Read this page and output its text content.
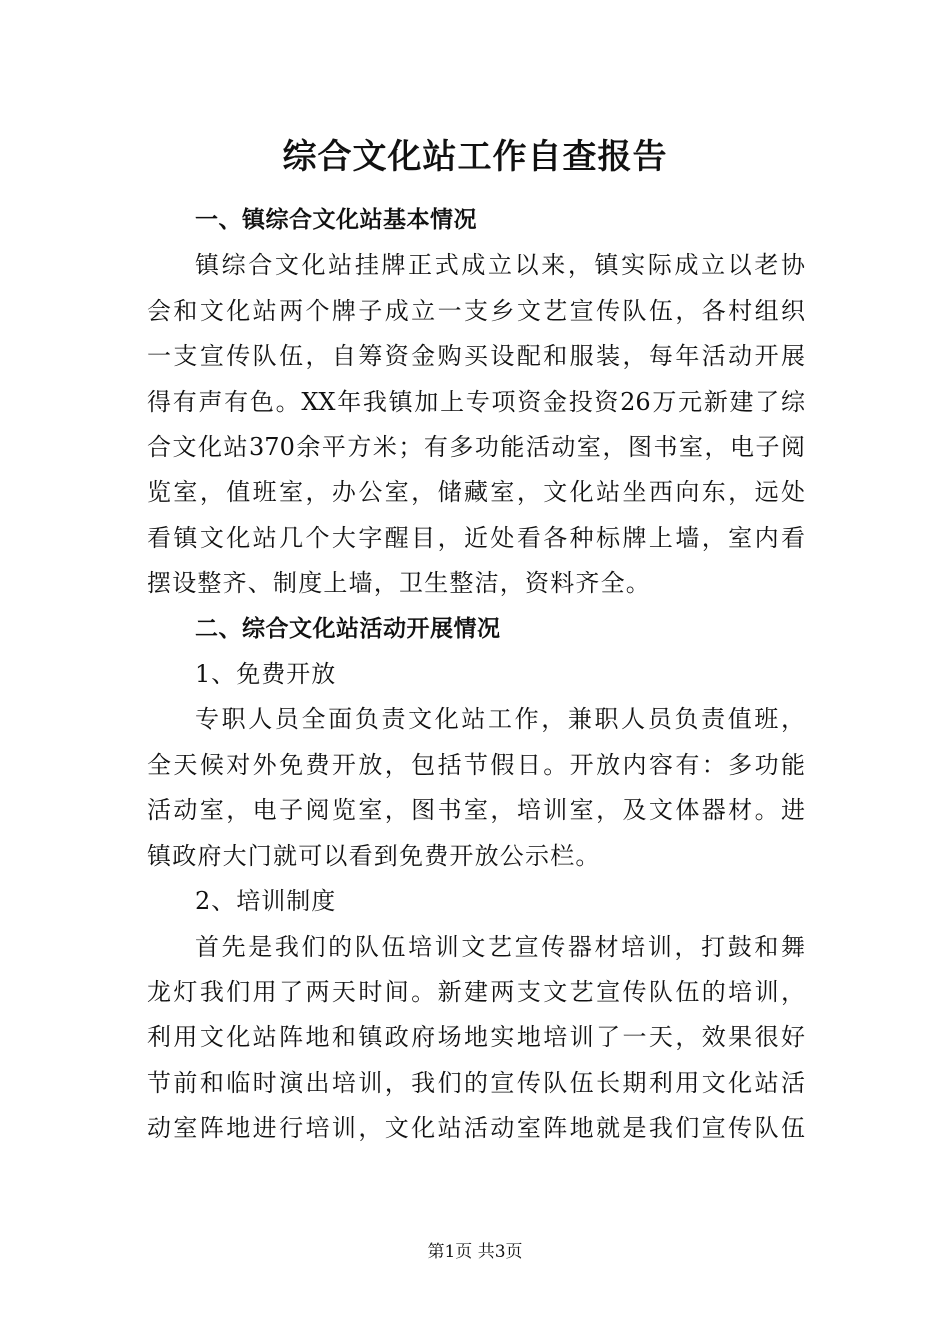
综合文化站工作自查报告

一、镇综合文化站基本情况

镇综合文化站挂牌正式成立以来，镇实际成立以老协
会和文化站两个牌子成立一支乡文艺宣传队伍，各村组织
一支宣传队伍，自筹资金购买设配和服装，每年活动开展
得有声有色。XX年我镇加上专项资金投资26万元新建了综
合文化站370余平方米；有多功能活动室，图书室，电子阅
览室，值班室，办公室，储藏室，文化站坐西向东，远处
看镇文化站几个大字醒目，近处看各种标牌上墙，室内看
摆设整齐、制度上墙，卫生整洁，资料齐全。

二、综合文化站活动开展情况

1、免费开放

专职人员全面负责文化站工作，兼职人员负责值班，
全天候对外免费开放，包括节假日。开放内容有：多功能
活动室，电子阅览室，图书室，培训室，及文体器材。进
镇政府大门就可以看到免费开放公示栏。

2、培训制度

首先是我们的队伍培训文艺宣传器材培训，打鼓和舞
龙灯我们用了两天时间。新建两支文艺宣传队伍的培训，
利用文化站阵地和镇政府场地实地培训了一天，效果很好
节前和临时演出培训，我们的宣传队伍长期利用文化站活
动室阵地进行培训，文化站活动室阵地就是我们宣传队伍

第1页 共3页
